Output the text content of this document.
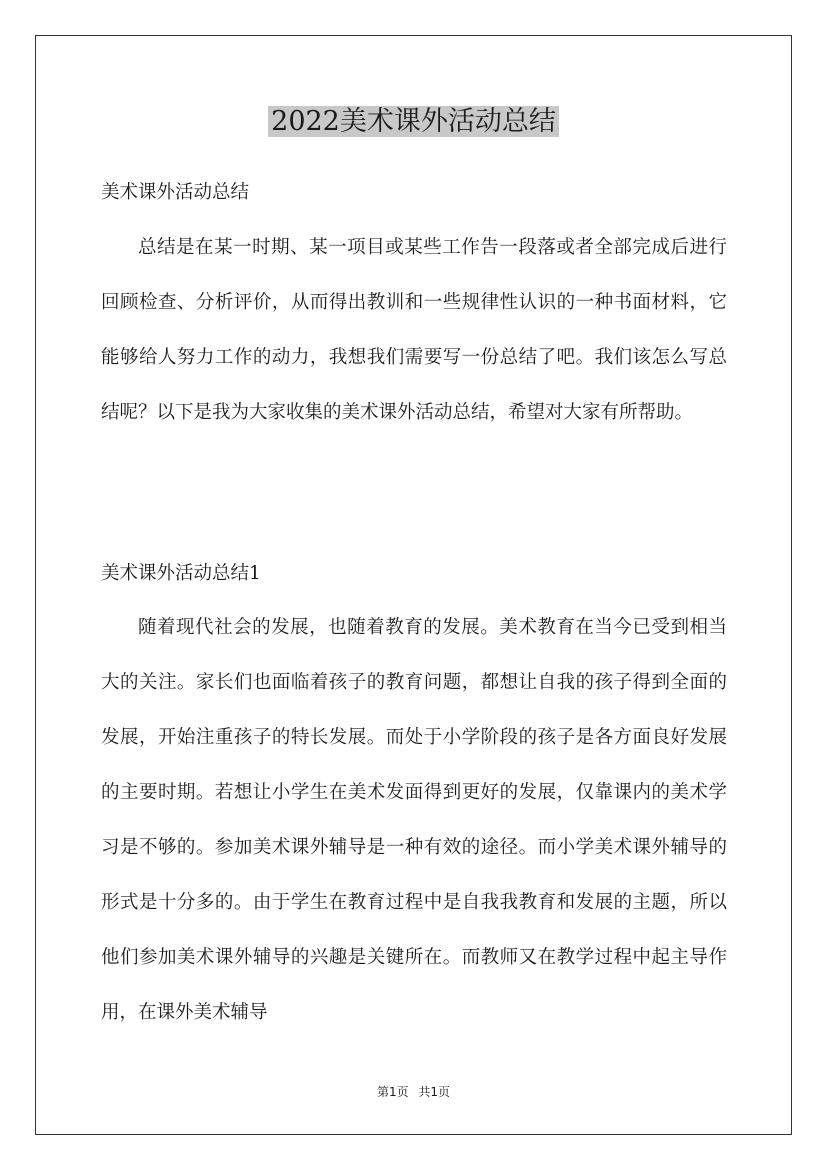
2022美术课外活动总结

美术课外活动总结

总结是在某一时期、某一项目或某些工作告一段落或者全部完成后进行回顾检查、分析评价，从而得出教训和一些规律性认识的一种书面材料，它能够给人努力工作的动力，我想我们需要写一份总结了吧。我们该怎么写总结呢？以下是我为大家收集的美术课外活动总结，希望对大家有所帮助。

美术课外活动总结1

随着现代社会的发展，也随着教育的发展。美术教育在当今已受到相当大的关注。家长们也面临着孩子的教育问题，都想让自我的孩子得到全面的发展，开始注重孩子的特长发展。而处于小学阶段的孩子是各方面良好发展的主要时期。若想让小学生在美术发面得到更好的发展，仅靠课内的美术学习是不够的。参加美术课外辅导是一种有效的途径。而小学美术课外辅导的形式是十分多的。由于学生在教育过程中是自我我教育和发展的主题，所以他们参加美术课外辅导的兴趣是关键所在。而教师又在教学过程中起主导作用，在课外美术辅导

第1页 共1页
